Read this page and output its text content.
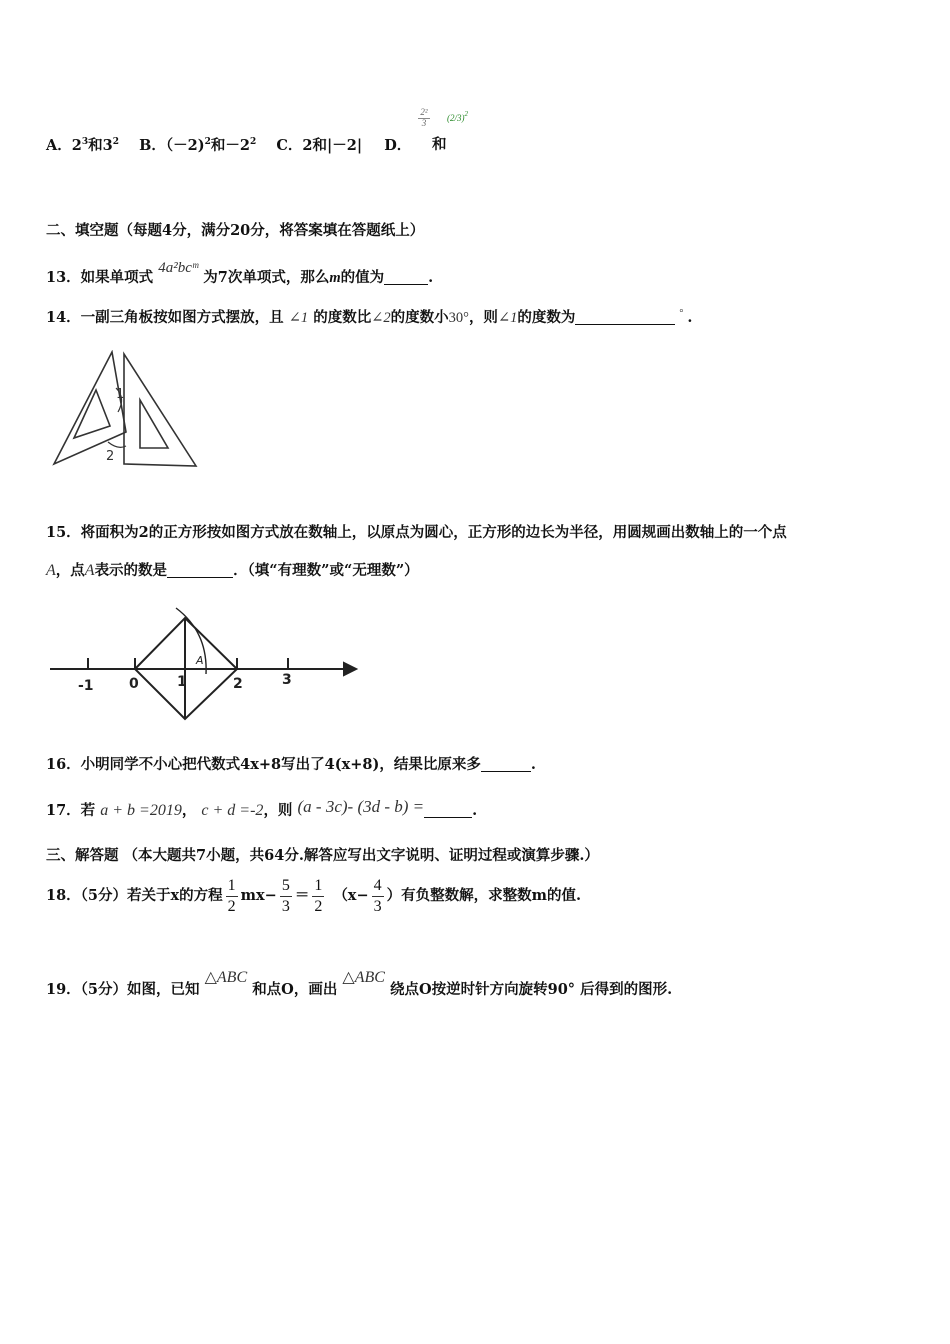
A．$2^3$和$3^2$ B．（－2)$^2$和$-2^2$ C．2和|－2| D．
2²
3	$(2/3)^2$
和
二、填空题（每题4分，满分20分，将答案填在答题纸上）
13．如果单项式 4a²bcᵐ 为7次单项式，那么m的值为	.
14．一副三角板按如图方式摆放，且 ∠1 的度数比∠2的度数小30°，则∠1的度数为	° .
1
2
15．将面积为2的正方形按如图方式放在数轴上，以原点为圆心，正方形的边长为半径，用圆规画出数轴上的一个点
A，点A表示的数是	．（填“有理数”或“无理数”）
-1	0	1	2	3
A
16．小明同学不小心把代数式4x+8写出了4(x+8)，结果比原来多	.
17．若 a + b =2019， c + d =-2，则 (a - 3c)- (3d - b) =	.
三、解答题 （本大题共7小题，共64分.解答应写出文字说明、证明过程或演算步骤.）
18．（5分）若关于x的方程 $\frac{1}{2} mx- \frac{5}{3} = \frac{1}{2} (x- \frac{4}{3}$ ）有负整数解，求整数m的值.
19．（5分）如图，已知 △ABC 和点O，画出 △ABC 绕点O按逆时针方向旋转90° 后得到的图形.
